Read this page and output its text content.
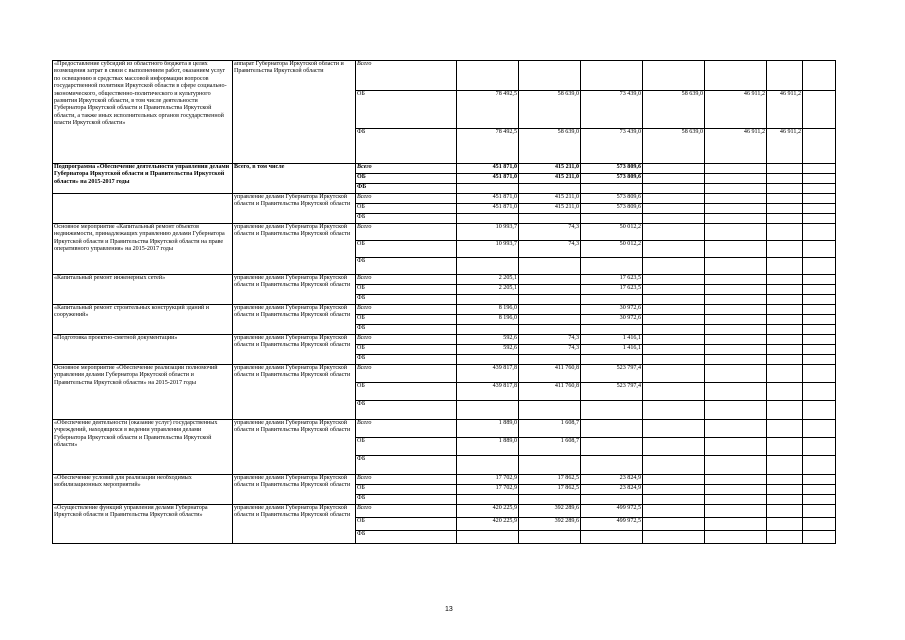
«Предоставление субсидий из областного бюджета в целях возмещения затрат в связи с выполнением работ, оказанием услуг по освещению в средствах массовой информации вопросов государственной политики Иркутской области в сфере социально-экономического, общественно-политического и культурного развития Иркутской области, в том числе деятельности Губернатора Иркутской области и Правительства Иркутской области, а также иных исполнительных органов государственной власти Иркутской области»	аппарат Губернатора Иркутской области и Правительства Иркутской области	Всего							
		ОБ	78 492,5	58 639,0	73 439,0	58 639,0	46 911,2	46 911,2	
		ФБ	78 492,5	58 639,0	73 439,0	58 639,0	46 911,2	46 911,2	
Подпрограмма «Обеспечение деятельности управления делами Губернатора Иркутской области и Правительства Иркутской области» на 2015-2017 годы	Всего, в том числе	Всего	451 871,0	415 211,0	573 809,6				
		ОБ	451 871,0	415 211,0	573 809,6				
		ФБ							
	управление делами Губернатора Иркутской области и Правительства Иркутской области	Всего	451 871,0	415 211,0	573 809,6				
		ОБ	451 871,0	415 211,0	573 809,6				
		ФБ							
Основное мероприятие «Капитальный ремонт объектов недвижимости, принадлежащих управлению делами Губернатора Иркутской области и Правительства Иркутской области на праве оперативного управления» на 2015-2017 годы	управление делами Губернатора Иркутской области и Правительства Иркутской области	Всего	10 993,7	74,3	50 012,2				
		ОБ	10 993,7	74,3	50 012,2				
		ФБ							
«Капитальный ремонт инженерных сетей»	управление делами Губернатора Иркутской области и Правительства Иркутской области	Всего	2 205,1		17 623,5				
		ОБ	2 205,1		17 623,5				
		ФБ							
«Капитальный ремонт строительных конструкций зданий и сооружений»	управление делами Губернатора Иркутской области и Правительства Иркутской области	Всего	8 196,0		30 972,6				
		ОБ	8 196,0		30 972,6				
		ФБ							
«Подготовка проектно-сметной документации»	управление делами Губернатора Иркутской области и Правительства Иркутской области	Всего	592,6	74,3	1 416,1				
		ОБ	592,6	74,3	1 416,1				
		ФБ							
Основное мероприятие «Обеспечение реализации полномочий управления делами Губернатора Иркутской области и Правительства Иркутской области» на 2015-2017 годы	управление делами Губернатора Иркутской области и Правительства Иркутской области	Всего	439 817,8	411 760,8	523 797,4				
		ОБ	439 817,8	411 760,8	523 797,4				
		ФБ							
«Обеспечение деятельности (оказание услуг) государственных учреждений, находящихся в ведении управления делами Губернатора Иркутской области и Правительства Иркутской области»	управление делами Губернатора Иркутской области и Правительства Иркутской области	Всего	1 889,0	1 608,7					
		ОБ	1 889,0	1 608,7					
		ФБ							
«Обеспечение условий для реализации необходимых мобилизационных мероприятий»	управление делами Губернатора Иркутской области и Правительства Иркутской области	Всего	17 702,9	17 862,5	23 824,9				
		ОБ	17 702,9	17 862,5	23 824,9				
		ФБ							
«Осуществление функций управления делами Губернатора Иркутской области и Правительства Иркутской области»	управление делами Губернатора Иркутской области и Правительства Иркутской области	Всего	420 225,9	392 289,6	499 972,5				
		ОБ	420 225,9	392 289,6	499 972,5				
		ФБ							
13
